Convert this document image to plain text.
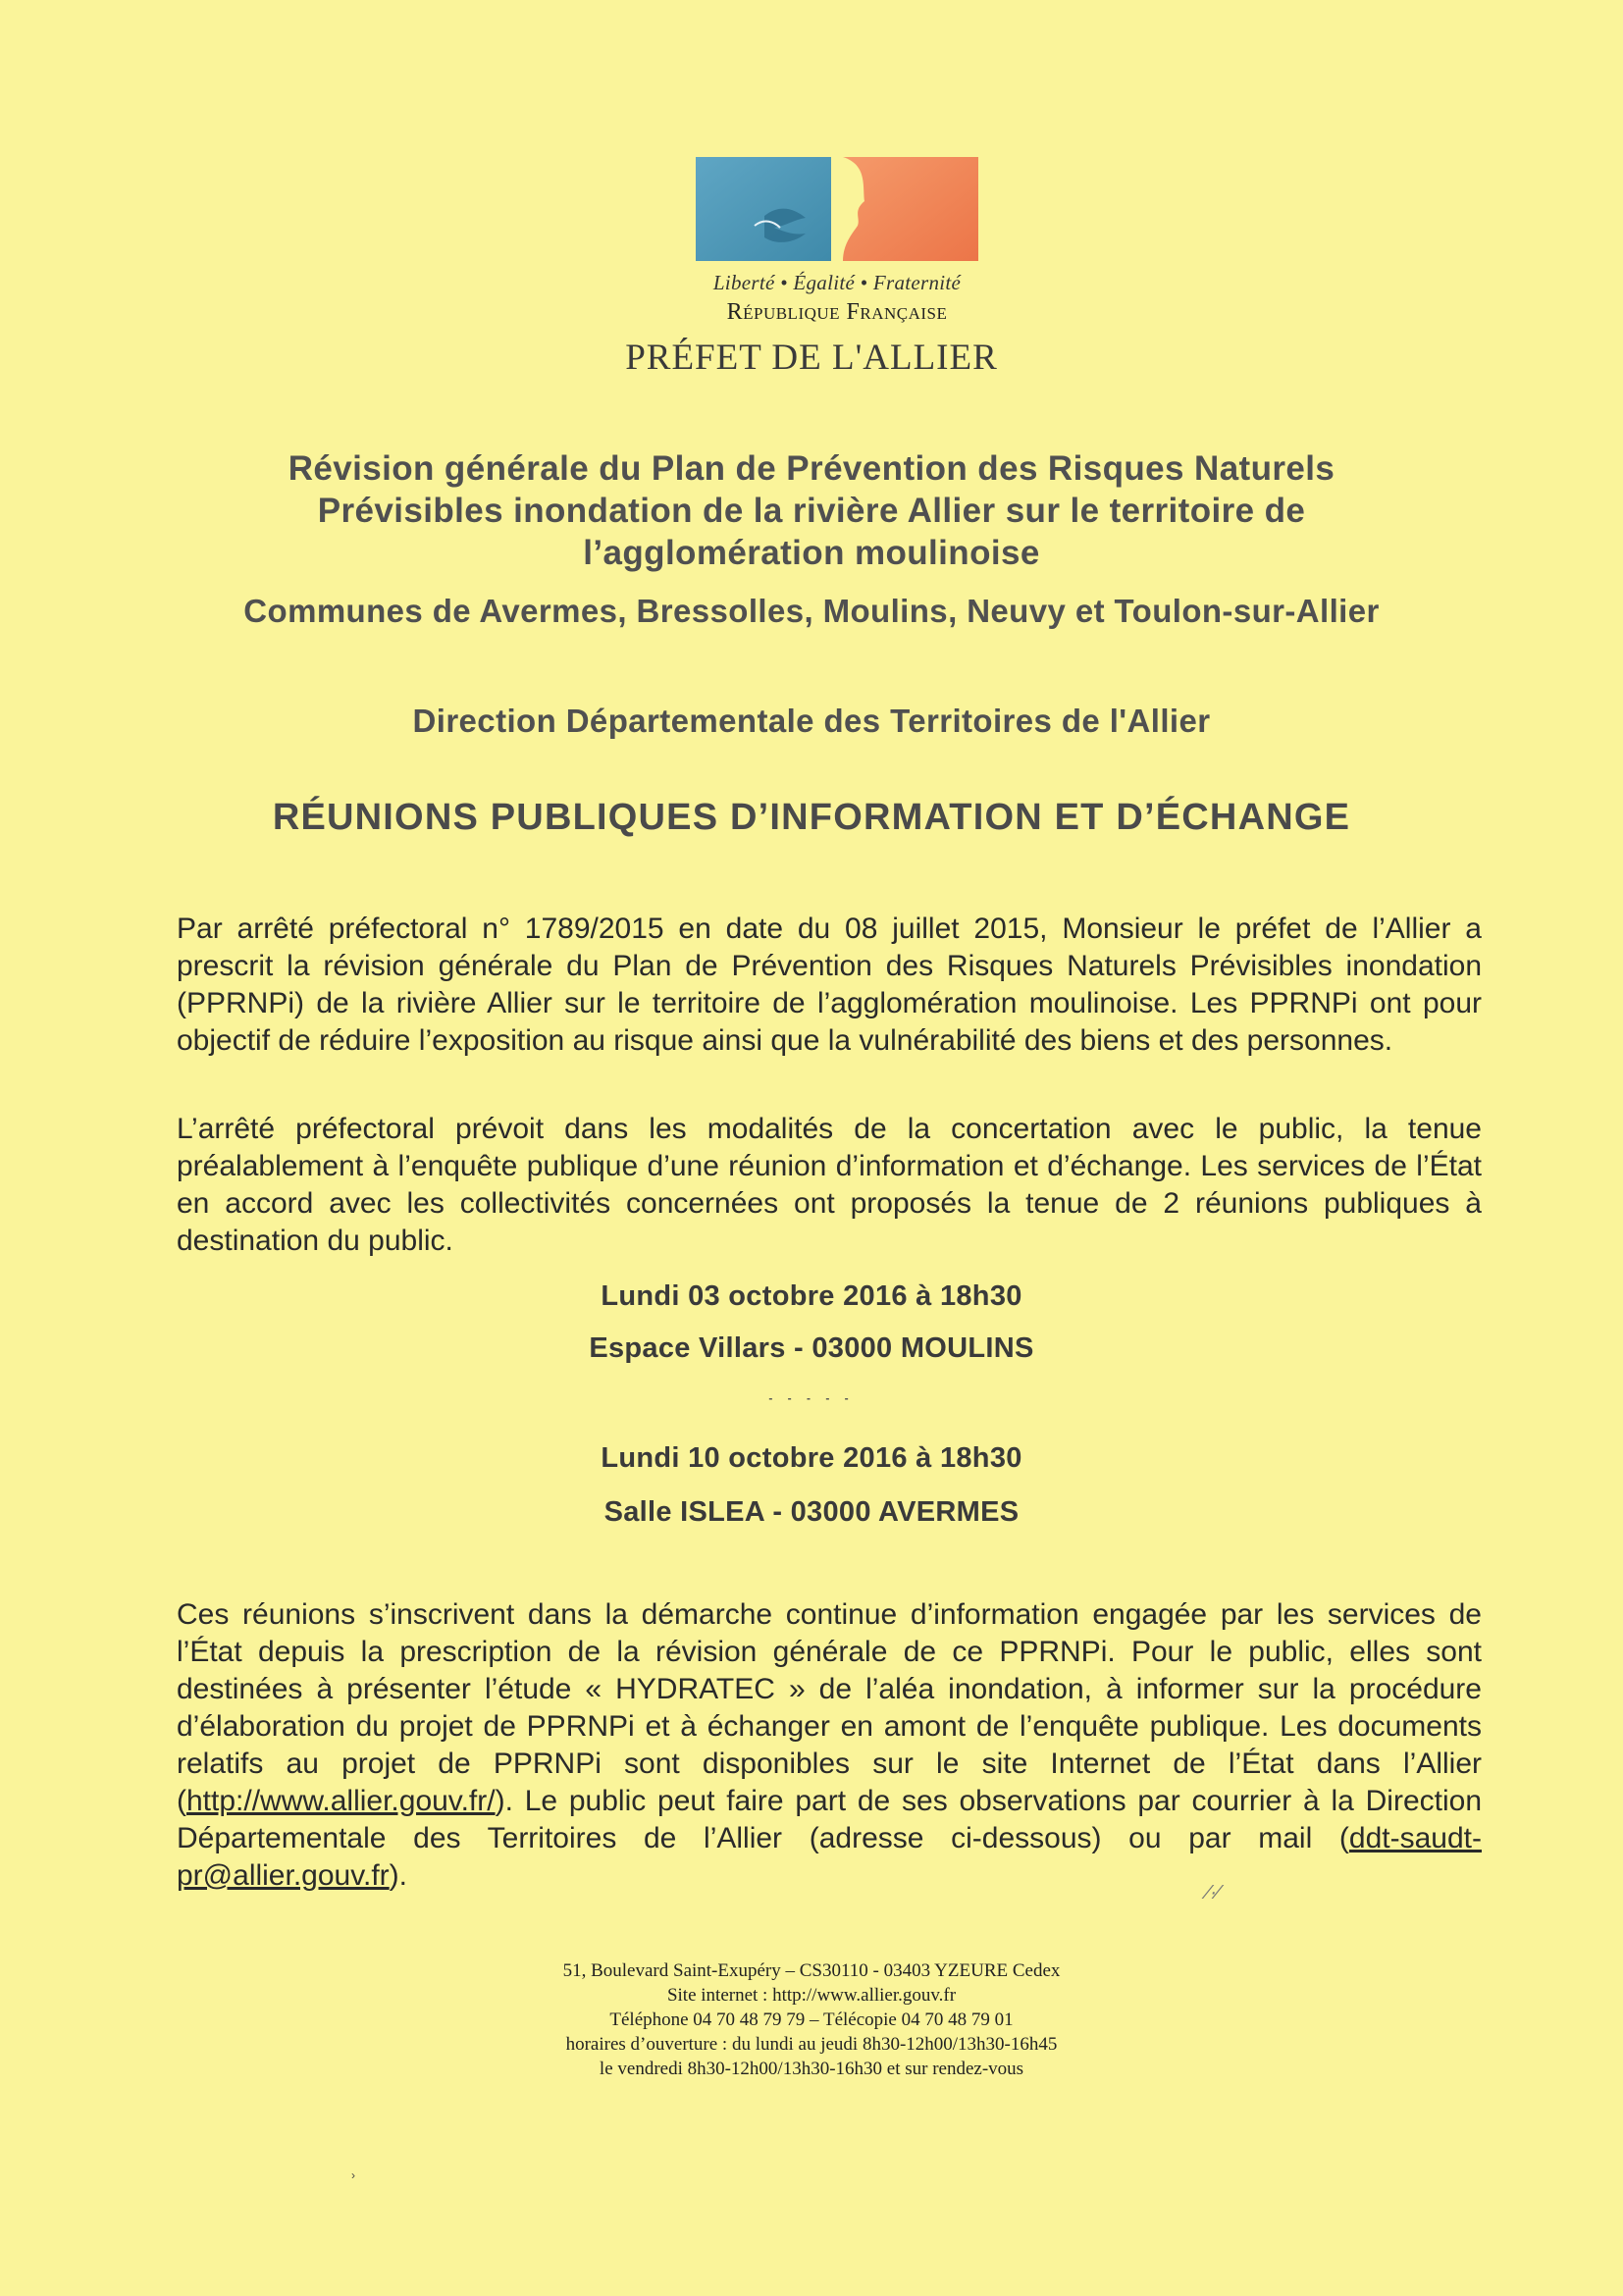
Liberté • Égalité • Fraternité
République Française
PRÉFET DE L'ALLIER
Révision générale du Plan de Prévention des Risques Naturels
Prévisibles inondation de la rivière Allier sur le territoire de
l’agglomération moulinoise
Communes de Avermes, Bressolles, Moulins, Neuvy et Toulon-sur-Allier
Direction Départementale des Territoires de l'Allier
RÉUNIONS PUBLIQUES D’INFORMATION ET D’ÉCHANGE
Par arrêté préfectoral n° 1789/2015 en date du 08 juillet 2015, Monsieur le préfet de l’Allier a prescrit la révision générale du Plan de Prévention des Risques Naturels Prévisibles inondation (PPRNPi) de la rivière Allier sur le territoire de l’agglomération moulinoise. Les PPRNPi ont pour objectif de réduire l’exposition au risque ainsi que la vulnérabilité des biens et des personnes.
L’arrêté préfectoral prévoit dans les modalités de la concertation avec le public, la tenue préalablement à l’enquête publique d’une réunion d’information et d’échange. Les services de l’État en accord avec les collectivités concernées ont proposés la tenue de 2 réunions publiques à destination du public.
Lundi 03 octobre 2016 à 18h30
Espace Villars - 03000 MOULINS
- - - - -
Lundi 10 octobre 2016 à 18h30
Salle ISLEA - 03000 AVERMES
Ces réunions s’inscrivent dans la démarche continue d’information engagée par les services de l’État depuis la prescription de la révision générale de ce PPRNPi. Pour le public, elles sont destinées à présenter l’étude « HYDRATEC » de l’aléa inondation, à informer sur la procédure d’élaboration du projet de PPRNPi et à échanger en amont de l’enquête publique. Les documents relatifs au projet de PPRNPi sont disponibles sur le site Internet de l’État dans l’Allier (http://www.allier.gouv.fr/). Le public peut faire part de ses observations par courrier à la Direction Départementale des Territoires de l’Allier (adresse ci-dessous) ou par mail (ddt-saudt-pr@allier.gouv.fr).
⁄·⁄
51, Boulevard Saint-Exupéry – CS30110 - 03403 YZEURE Cedex
Site internet : http://www.allier.gouv.fr
Téléphone 04 70 48 79 79 – Télécopie 04 70 48 79 01
horaires d’ouverture : du lundi au jeudi 8h30-12h00/13h30-16h45
le vendredi 8h30-12h00/13h30-16h30 et sur rendez-vous
›
